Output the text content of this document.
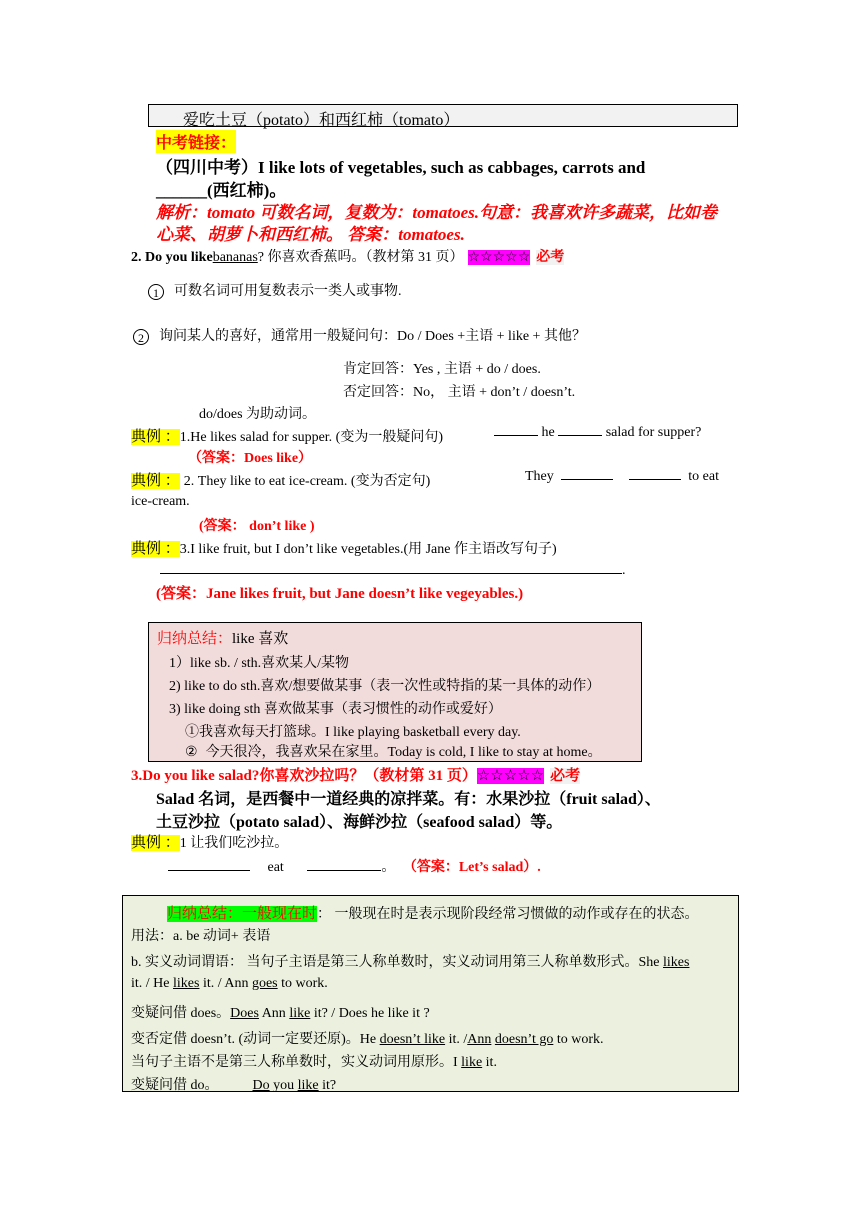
爱吃土豆（potato）和西红柿（tomato）
中考链接：
（四川中考）I like lots of vegetables, such as cabbages, carrots and
______(西红柿)。
解析：tomato 可数名词，复数为：tomatoes.句意：我喜欢许多蔬菜，比如卷
心菜、胡萝卜和西红柿。 答案：tomatoes.
2. Do you likebananas? 你喜欢香蕉吗。（教材第 31 页） ☆☆☆☆☆ 必考
1 可数名词可用复数表示一类人或事物.
2 询问某人的喜好，通常用一般疑问句：Do / Does +主语 + like + 其他？
肯定回答：Yes , 主语 + do / does.
否定回答：No， 主语 + don’t / doesn’t.
do/does 为助动词。
典例 ：1.He likes salad for supper. (变为一般疑问句)	he	salad for supper?
（答案：Does like）
典例 ： 2. They like to eat ice-cream. (变为否定句)	They	to eat
ice-cream.
(答案： don’t like )
典例 ：3.I like fruit, but I don’t like vegetables.(用 Jane 作主语改写句子)
.
(答案：Jane likes fruit, but Jane doesn’t like vegeyables.)
归纳总结：like 喜欢
1）like sb. / sth.喜欢某人/某物
2) like to do sth.喜欢/想要做某事（表一次性或特指的某一具体的动作）
3) like doing sth 喜欢做某事（表习惯性的动作或爱好）
①我喜欢每天打篮球。I like playing basketball every day.
② 今天很冷，我喜欢呆在家里。Today is cold, I like to stay at home。
3.Do you like salad?你喜欢沙拉吗？（教材第 31 页）☆☆☆☆☆ 必考
Salad 名词，是西餐中一道经典的凉拌菜。有：水果沙拉（fruit salad）、
土豆沙拉（potato salad）、海鲜沙拉（seafood salad）等。
典例 ：1 让我们吃沙拉。
eat	。 （答案：Let’s salad）.
归纳总结：一般现在时： 一般现在时是表示现阶段经常习惯做的动作或存在的状态。
用法：a. be 动词+ 表语
b. 实义动词谓语： 当句子主语是第三人称单数时，实义动词用第三人称单数形式。She likes
it. / He likes it. / Ann goes to work.
变疑问借 does。Does Ann like it? / Does he like it ?
变否定借 doesn’t. (动词一定要还原)。He doesn’t like it. /Ann doesn’t go to work.
当句子主语不是第三人称单数时，实义动词用原形。I like it.
变疑问借 do。 Do you like it?
